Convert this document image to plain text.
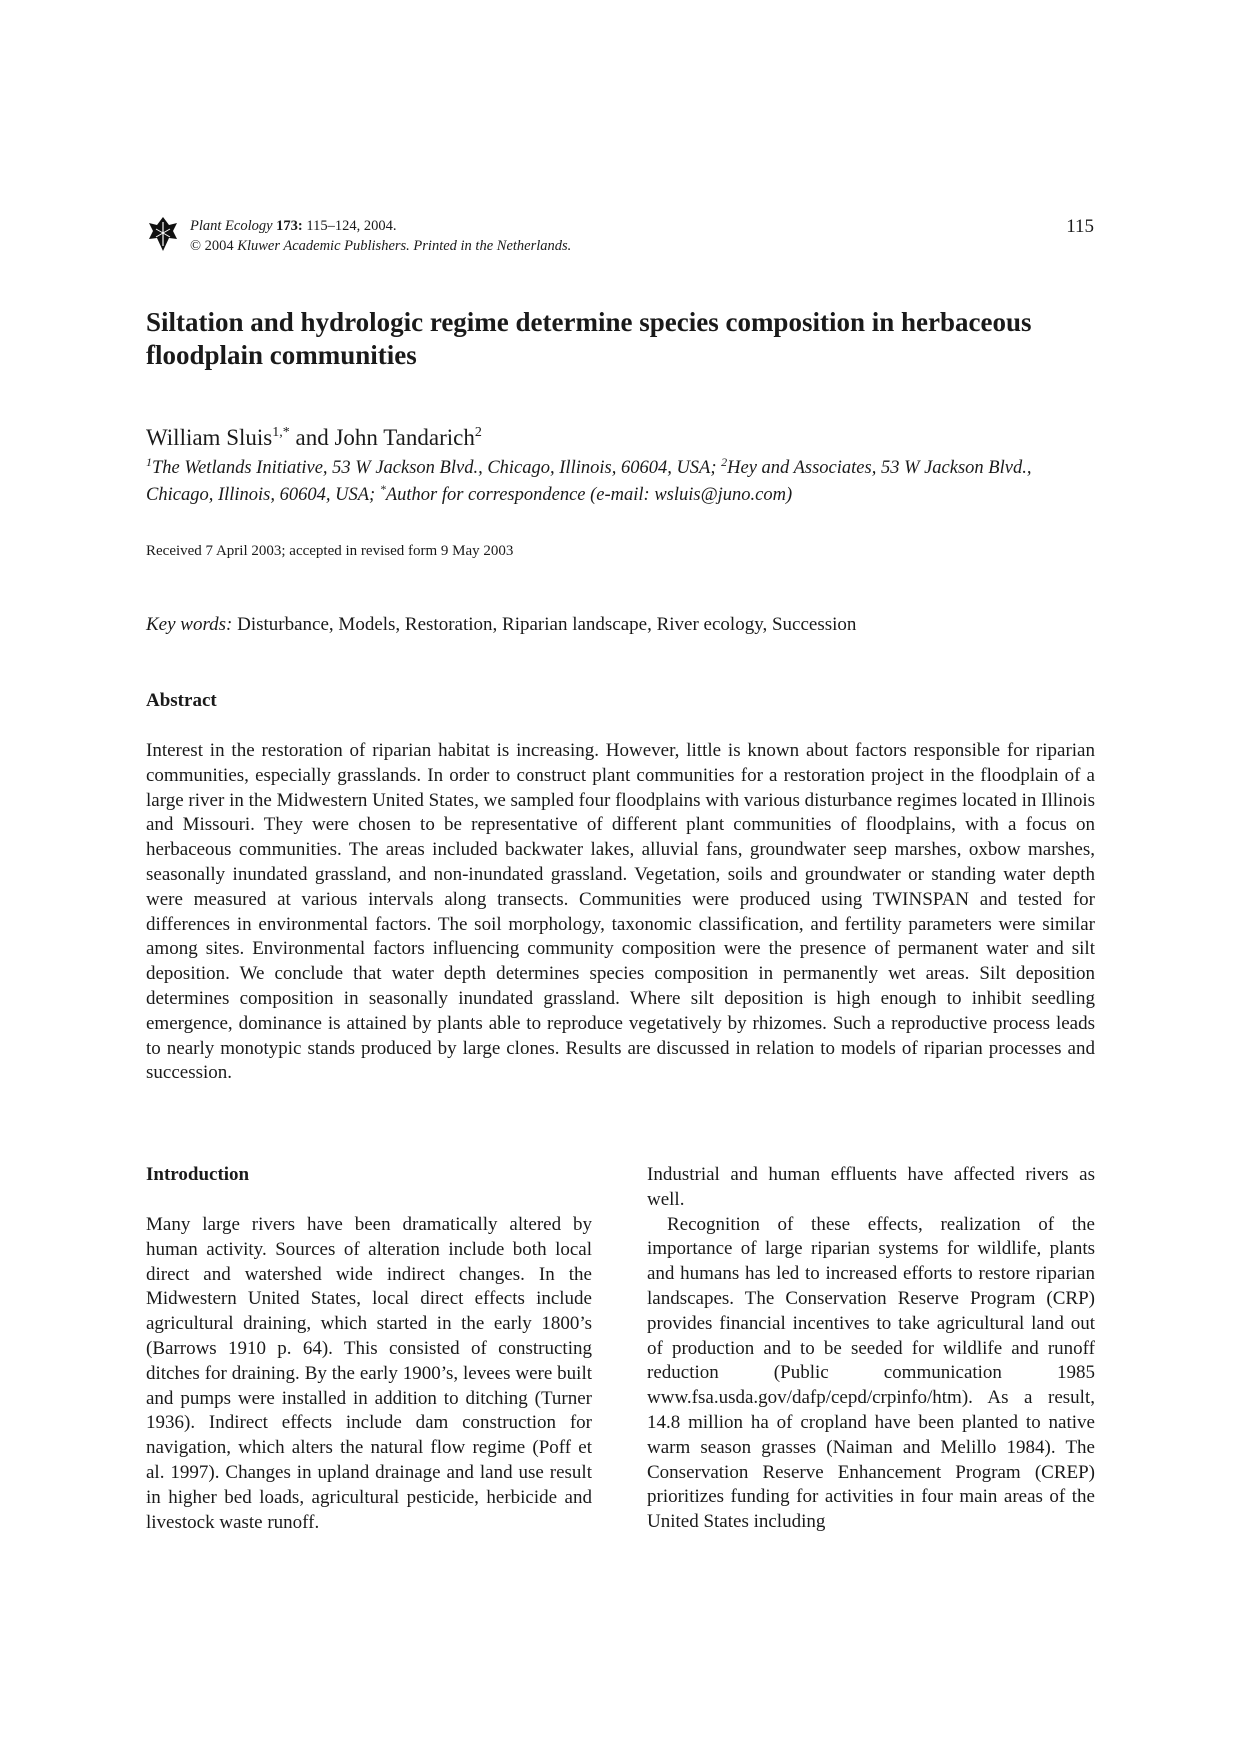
Plant Ecology 173: 115–124, 2004.
© 2004 Kluwer Academic Publishers. Printed in the Netherlands.
115
Siltation and hydrologic regime determine species composition in herbaceous floodplain communities
William Sluis$^{1,*}$ and John Tandarich$^2$
$^1$The Wetlands Initiative, 53 W Jackson Blvd., Chicago, Illinois, 60604, USA; $^2$Hey and Associates, 53 W Jackson Blvd., Chicago, Illinois, 60604, USA; *Author for correspondence (e-mail: wsluis@juno.com)
Received 7 April 2003; accepted in revised form 9 May 2003
Key words: Disturbance, Models, Restoration, Riparian landscape, River ecology, Succession
Abstract

Interest in the restoration of riparian habitat is increasing. However, little is known about factors responsible for riparian communities, especially grasslands. In order to construct plant communities for a restoration project in the floodplain of a large river in the Midwestern United States, we sampled four floodplains with various disturbance regimes located in Illinois and Missouri. They were chosen to be representative of different plant communities of floodplains, with a focus on herbaceous communities. The areas included backwater lakes, alluvial fans, groundwater seep marshes, oxbow marshes, seasonally inundated grassland, and non-inundated grassland. Vegetation, soils and groundwater or standing water depth were measured at various intervals along transects. Communities were produced using TWINSPAN and tested for differences in environmental factors. The soil morphology, taxonomic classification, and fertility parameters were similar among sites. Environmental factors influencing community composition were the presence of permanent water and silt deposition. We conclude that water depth determines species composition in permanently wet areas. Silt deposition determines composition in seasonally inundated grassland. Where silt deposition is high enough to inhibit seedling emergence, dominance is attained by plants able to reproduce vegetatively by rhizomes. Such a reproductive process leads to nearly monotypic stands produced by large clones. Results are discussed in relation to models of riparian processes and succession.

Introduction

Many large rivers have been dramatically altered by human activity. Sources of alteration include both local direct and watershed wide indirect changes. In the Midwestern United States, local direct effects include agricultural draining, which started in the early 1800’s (Barrows 1910 p. 64). This consisted of constructing ditches for draining. By the early 1900’s, levees were built and pumps were installed in addition to ditching (Turner 1936). Indirect effects include dam construction for navigation, which alters the natural flow regime (Poff et al. 1997). Changes in upland drainage and land use result in higher bed loads, agricultural pesticide, herbicide and livestock waste runoff.

Industrial and human effluents have affected rivers as well.

Recognition of these effects, realization of the importance of large riparian systems for wildlife, plants and humans has led to increased efforts to restore riparian landscapes. The Conservation Reserve Program (CRP) provides financial incentives to take agricultural land out of production and to be seeded for wildlife and runoff reduction (Public communication 1985 www.fsa.usda.gov/dafp/cepd/crpinfo/htm). As a result, 14.8 million ha of cropland have been planted to native warm season grasses (Naiman and Melillo 1984). The Conservation Reserve Enhancement Program (CREP) prioritizes funding for activities in four main areas of the United States including
